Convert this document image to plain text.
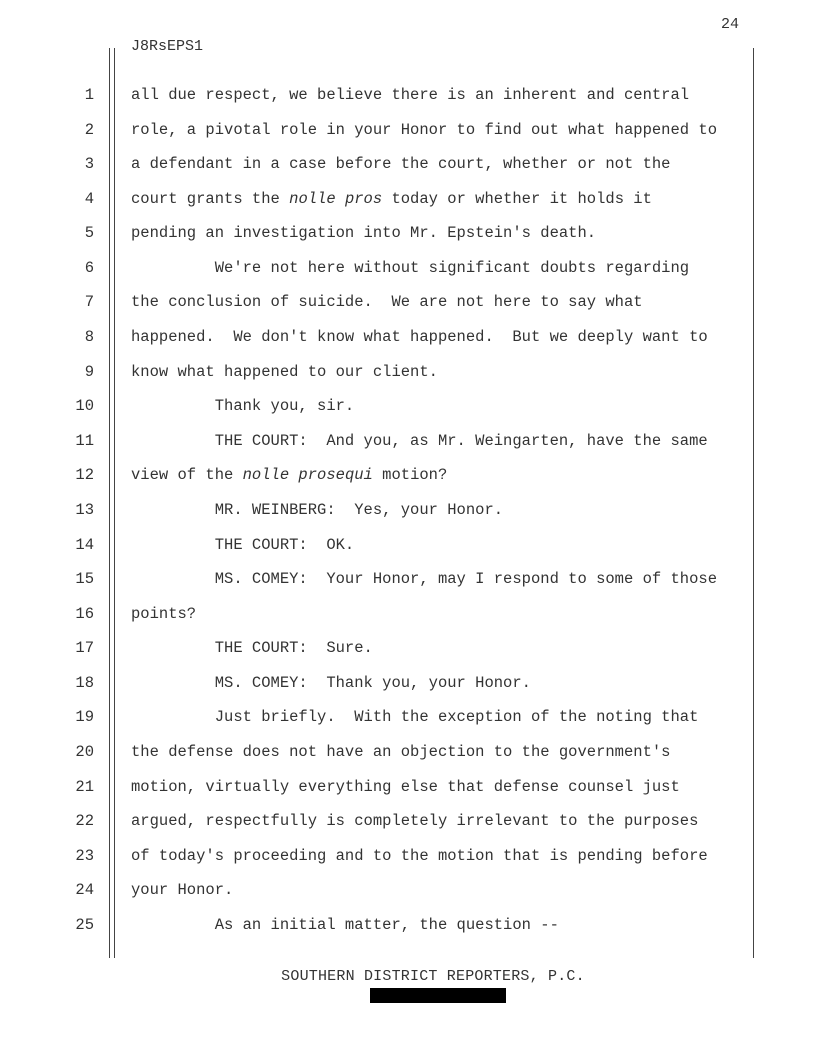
24
J8RsEPS1
1 all due respect, we believe there is an inherent and central
2 role, a pivotal role in your Honor to find out what happened to
3 a defendant in a case before the court, whether or not the
4 court grants the nolle pros today or whether it holds it
5 pending an investigation into Mr. Epstein's death.
6 We're not here without significant doubts regarding
7 the conclusion of suicide.  We are not here to say what
8 happened.  We don't know what happened.  But we deeply want to
9 know what happened to our client.
10 Thank you, sir.
11 THE COURT:  And you, as Mr. Weingarten, have the same
12 view of the nolle prosequi motion?
13 MR. WEINBERG:  Yes, your Honor.
14 THE COURT:  OK.
15 MS. COMEY:  Your Honor, may I respond to some of those
16 points?
17 THE COURT:  Sure.
18 MS. COMEY:  Thank you, your Honor.
19 Just briefly.  With the exception of the noting that
20 the defense does not have an objection to the government's
21 motion, virtually everything else that defense counsel just
22 argued, respectfully is completely irrelevant to the purposes
23 of today's proceeding and to the motion that is pending before
24 your Honor.
25 As an initial matter, the question --
SOUTHERN DISTRICT REPORTERS, P.C.
